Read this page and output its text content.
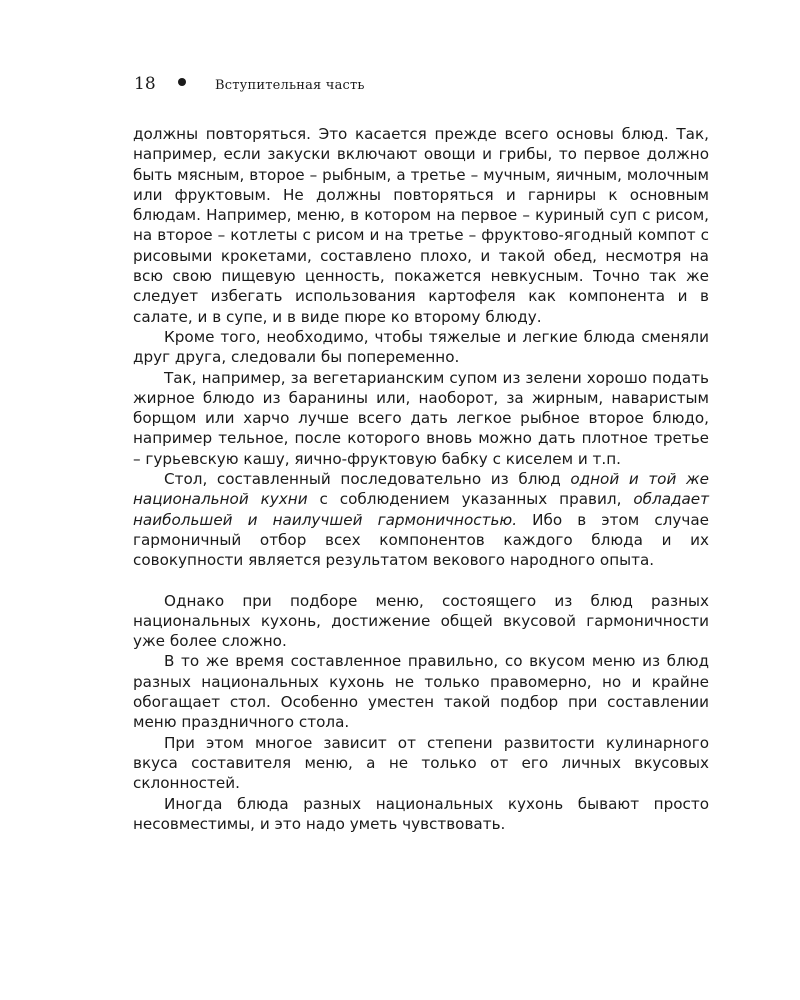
18	Вступительная часть

должны повторяться. Это касается прежде всего основы блюд. Так, например, если закуски включают овощи и грибы, то первое должно быть мясным, второе – рыбным, а третье – мучным, яичным, молочным или фруктовым. Не должны повторяться и гарниры к основным блюдам. Например, меню, в котором на первое – куриный суп с рисом, на второе – котлеты с рисом и на третье – фруктово-ягодный компот с рисовыми крокетами, составлено плохо, и такой обед, несмотря на всю свою пищевую ценность, покажется невкусным. Точно так же следует избегать использования картофеля как компонента и в салате, и в супе, и в виде пюре ко второму блюду.

Кроме того, необходимо, чтобы тяжелые и легкие блюда сменяли друг друга, следовали бы попеременно.

Так, например, за вегетарианским супом из зелени хорошо подать жирное блюдо из баранины или, наоборот, за жирным, наваристым борщом или харчо лучше всего дать легкое рыбное второе блюдо, например тельное, после которого вновь можно дать плотное третье – гурьевскую кашу, яично-фруктовую бабку с киселем и т.п.

Стол, составленный последовательно из блюд одной и той же национальной кухни с соблюдением указанных правил, обладает наибольшей и наилучшей гармоничностью. Ибо в этом случае гармоничный отбор всех компонентов каждого блюда и их совокупности является результатом векового народного опыта.

Однако при подборе меню, состоящего из блюд разных национальных кухонь, достижение общей вкусовой гармоничности уже более сложно.

В то же время составленное правильно, со вкусом меню из блюд разных национальных кухонь не только правомерно, но и крайне обогащает стол. Особенно уместен такой подбор при составлении меню праздничного стола.

При этом многое зависит от степени развитости кулинарного вкуса составителя меню, а не только от его личных вкусовых склонностей.

Иногда блюда разных национальных кухонь бывают просто несовместимы, и это надо уметь чувствовать.
